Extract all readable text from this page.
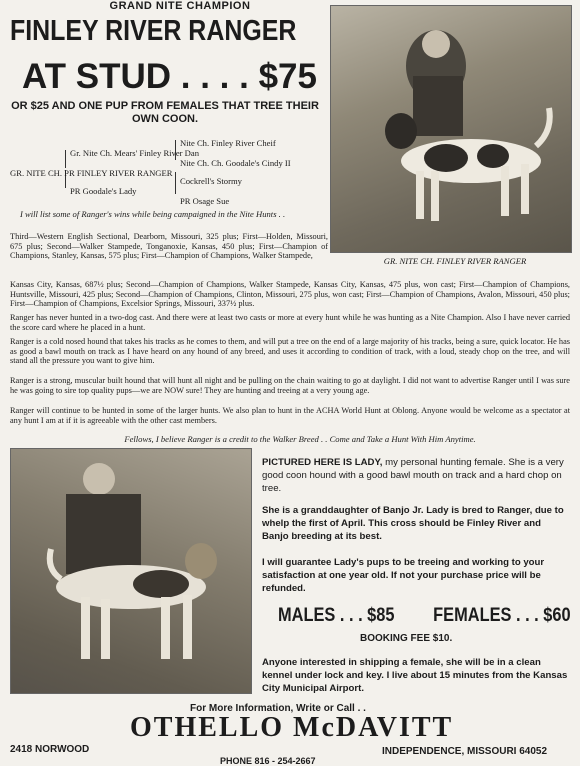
GRAND NITE CHAMPION
FINLEY RIVER RANGER
AT STUD . . . . $75
OR $25 AND ONE PUP FROM FEMALES THAT TREE THEIR OWN COON.
Nite Ch. Finley River Cheif
Gr. Nite Ch. Mears' Finley River Dan
Nite Ch. Ch. Goodale's Cindy II
GR. NITE CH. PR FINLEY RIVER RANGER
Cockrell's Stormy
PR Goodale's Lady
PR Osage Sue
I will list some of Ranger's wins while being campaigned in the Nite Hunts . .
Third—Western English Sectional, Dearborn, Missouri, 325 plus; First—Holden, Missouri, 675 plus; Second—Walker Stampede, Tonganoxie, Kansas, 450 plus; First—Champion of Champions, Stanley, Kansas, 575 plus; First—Champion of Champions, Walker Stampede,
Kansas City, Kansas, 687½ plus; Second—Champion of Champions, Walker Stampede, Kansas City, Kansas, 475 plus, won cast; First—Champion of Champions, Huntsville, Missouri, 425 plus; Second—Champion of Champions, Clinton, Missouri, 275 plus, won cast; First—Champion of Champions, Avalon, Missouri, 450 plus; First—Champion of Champions, Excelsior Springs, Missouri, 337½ plus.
Ranger has never hunted in a two-dog cast. And there were at least two casts or more at every hunt while he was hunting as a Nite Champion. Also I have never carried the score card where he placed in a hunt.
Ranger is a cold nosed hound that takes his tracks as he comes to them, and will put a tree on the end of a large majority of his tracks, being a sure, quick locator. He has as good a bawl mouth on track as I have heard on any hound of any breed, and uses it according to condition of track, with a loud, steady chop on the tree, and will stand all the pressure you want to give him.
Ranger is a strong, muscular built hound that will hunt all night and be pulling on the chain waiting to go at daylight. I did not want to advertise Ranger until I was sure he was going to sire top quality pups—we are NOW sure! They are hunting and treeing at a very young age.
Ranger will continue to be hunted in some of the larger hunts. We also plan to hunt in the ACHA World Hunt at Oblong. Anyone would be welcome as a spectator at any hunt I am at if it is agreeable with the other cast members.
Fellows, I believe Ranger is a credit to the Walker Breed . . Come and Take a Hunt With Him Anytime.
GR. NITE CH. FINLEY RIVER RANGER
PICTURED HERE IS LADY, my personal hunting female. She is a very good coon hound with a good bawl mouth on track and a hard chop on tree.
She is a granddaughter of Banjo Jr. Lady is bred to Ranger, due to whelp the first of April. This cross should be Finley River and Banjo breeding at its best.
I will guarantee Lady's pups to be treeing and working to your satisfaction at one year old. If not your purchase price will be refunded.
MALES . . . $85 FEMALES . . . $60
BOOKING FEE $10.
Anyone interested in shipping a female, she will be in a clean kennel under lock and key. I live about 15 minutes from the Kansas City Municipal Airport.
For More Information, Write or Call . .
OTHELLO McDAVITT
2418 NORWOOD	INDEPENDENCE, MISSOURI 64052
PHONE 816 - 254-2667
